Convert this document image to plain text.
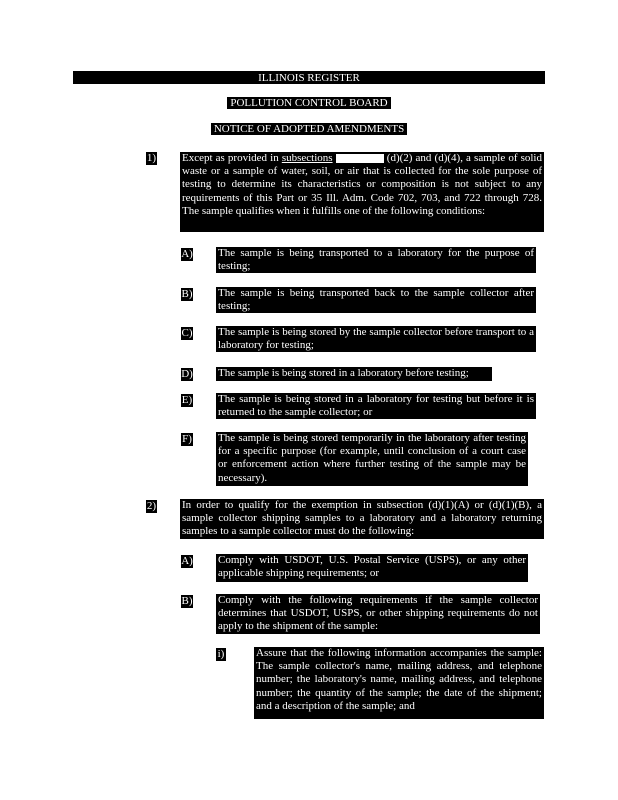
ILLINOIS REGISTER
POLLUTION CONTROL BOARD
NOTICE OF ADOPTED AMENDMENTS
1) Except as provided in subsections	(d)(2) and (d)(4), a sample of solid waste or a sample of water, soil, or air that is collected for the sole purpose of testing to determine its characteristics or composition is not subject to any requirements of this Part or 35 Ill. Adm. Code 702, 703, and 722 through 728. The sample qualifies when it fulfills one of the following conditions:
A) The sample is being transported to a laboratory for the purpose of testing;
B) The sample is being transported back to the sample collector after testing;
C) The sample is being stored by the sample collector before transport to a laboratory for testing;
D) The sample is being stored in a laboratory before testing;
E) The sample is being stored in a laboratory for testing but before it is returned to the sample collector; or
F) The sample is being stored temporarily in the laboratory after testing for a specific purpose (for example, until conclusion of a court case or enforcement action where further testing of the sample may be necessary).
2) In order to qualify for the exemption in subsection (d)(1)(A) or (d)(1)(B), a sample collector shipping samples to a laboratory and a laboratory returning samples to a sample collector must do the following:
A) Comply with USDOT, U.S. Postal Service (USPS), or any other applicable shipping requirements; or
B) Comply with the following requirements if the sample collector determines that USDOT, USPS, or other shipping requirements do not apply to the shipment of the sample:
i)	Assure that the following information accompanies the sample: The sample collector's name, mailing address, and telephone number; the laboratory's name, mailing address, and telephone number; the quantity of the sample; the date of the shipment; and a description of the sample; and
